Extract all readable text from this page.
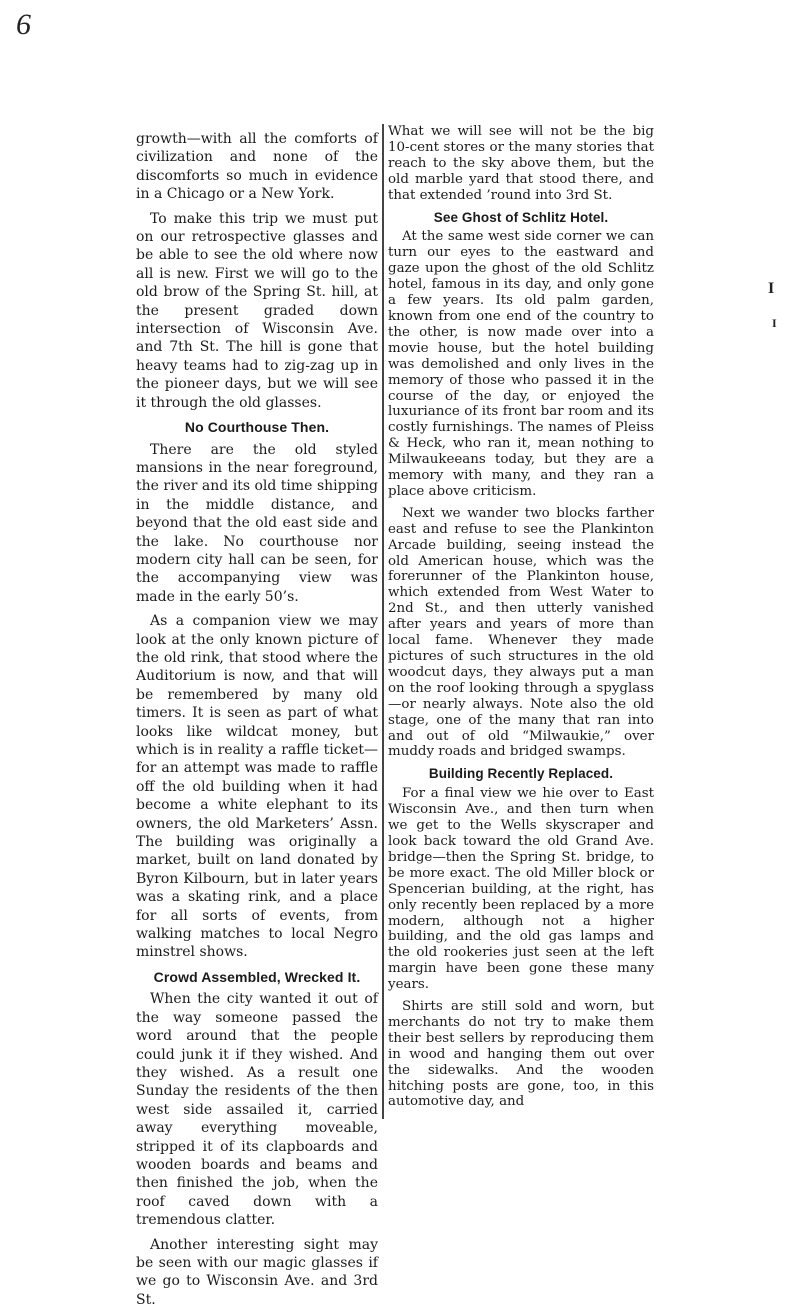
6
I
I

growth—with all the comforts of civilization and none of the discomforts so much in evidence in a Chicago or a New York.

To make this trip we must put on our retrospective glasses and be able to see the old where now all is new. First we will go to the old brow of the Spring St. hill, at the present graded down intersection of Wisconsin Ave. and 7th St. The hill is gone that heavy teams had to zig-zag up in the pioneer days, but we will see it through the old glasses.

No Courthouse Then.

There are the old styled mansions in the near foreground, the river and its old time shipping in the middle distance, and beyond that the old east side and the lake. No courthouse nor modern city hall can be seen, for the accompanying view was made in the early 50’s.

As a companion view we may look at the only known picture of the old rink, that stood where the Auditorium is now, and that will be remembered by many old timers. It is seen as part of what looks like wildcat money, but which is in reality a raffle ticket—for an attempt was made to raffle off the old building when it had become a white elephant to its owners, the old Marketers’ Assn. The building was originally a market, built on land donated by Byron Kilbourn, but in later years was a skating rink, and a place for all sorts of events, from walking matches to local Negro minstrel shows.

Crowd Assembled, Wrecked It.

When the city wanted it out of the way someone passed the word around that the people could junk it if they wished. And they wished. As a result one Sunday the residents of the then west side assailed it, carried away everything moveable, stripped it of its clapboards and wooden boards and beams and then finished the job, when the roof caved down with a tremendous clatter.

Another interesting sight may be seen with our magic glasses if we go to Wisconsin Ave. and 3rd St.

What we will see will not be the big 10-cent stores or the many stories that reach to the sky above them, but the old marble yard that stood there, and that extended ’round into 3rd St.

See Ghost of Schlitz Hotel.

At the same west side corner we can turn our eyes to the eastward and gaze upon the ghost of the old Schlitz hotel, famous in its day, and only gone a few years. Its old palm garden, known from one end of the country to the other, is now made over into a movie house, but the hotel building was demolished and only lives in the memory of those who passed it in the course of the day, or enjoyed the luxuriance of its front bar room and its costly furnishings. The names of Pleiss & Heck, who ran it, mean nothing to Milwaukeeans today, but they are a memory with many, and they ran a place above criticism.

Next we wander two blocks farther east and refuse to see the Plankinton Arcade building, seeing instead the old American house, which was the forerunner of the Plankinton house, which extended from West Water to 2nd St., and then utterly vanished after years and years of more than local fame. Whenever they made pictures of such structures in the old woodcut days, they always put a man on the roof looking through a spyglass—or nearly always. Note also the old stage, one of the many that ran into and out of old “Milwaukie,” over muddy roads and bridged swamps.

Building Recently Replaced.

For a final view we hie over to East Wisconsin Ave., and then turn when we get to the Wells skyscraper and look back toward the old Grand Ave. bridge—then the Spring St. bridge, to be more exact. The old Miller block or Spencerian building, at the right, has only recently been replaced by a more modern, although not a higher building, and the old gas lamps and the old rookeries just seen at the left margin have been gone these many years.

Shirts are still sold and worn, but merchants do not try to make them their best sellers by reproducing them in wood and hanging them out over the sidewalks. And the wooden hitching posts are gone, too, in this automotive day, and
